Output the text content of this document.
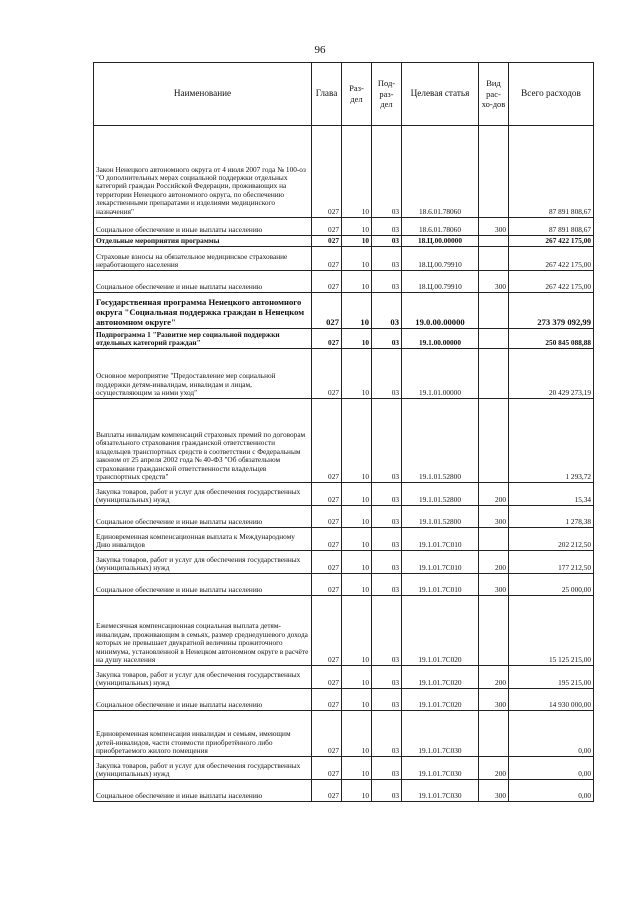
96
Наименование	Глава	Раз-дел	Под-раз-дел	Целевая статья	Вид рас-хо-дов	Всего расходов
Закон Ненецкого автономного округа от 4 июля 2007 года № 100-оз "О дополнительных мерах социальной поддержки отдельных категорий граждан Российской Федерации, проживающих на территории Ненецкого автономного округа, по обеспечению лекарственными препаратами и изделиями медицинского назначения"	027	10	03	18.6.01.78060		87 891 808,67
Социальное обеспечение и иные выплаты населению	027	10	03	18.6.01.78060	300	87 891 808,67
Отдельные мероприятия программы	027	10	03	18.Ц.00.00000		267 422 175,00
Страховые взносы на обязательное медицинское страхование неработающего населения	027	10	03	18.Ц.00.79910		267 422 175,00
Социальное обеспечение и иные выплаты населению	027	10	03	18.Ц.00.79910	300	267 422 175,00
Государственная программа Ненецкого автономного округа "Социальная поддержка граждан в Ненецком автономном округе"	027	10	03	19.0.00.00000		273 379 092,99
Подпрограмма 1 "Развитие мер социальной поддержки отдельных категорий граждан"	027	10	03	19.1.00.00000		250 845 088,88
Основное мероприятие "Предоставление мер социальной поддержки детям-инвалидам, инвалидам и лицам, осуществляющим за ними уход"	027	10	03	19.1.01.00000		20 429 273,19
Выплаты инвалидам компенсаций страховых премий по договорам обязательного страхования гражданской ответственности владельцев транспортных средств в соответствии с Федеральным законом от 25 апреля 2002 года № 40-ФЗ "Об обязательном страховании гражданской ответственности владельцев транспортных средств"	027	10	03	19.1.01.52800		1 293,72
Закупка товаров, работ и услуг для обеспечения государственных (муниципальных) нужд	027	10	03	19.1.01.52800	200	15,34
Социальное обеспечение и иные выплаты населению	027	10	03	19.1.01.52800	300	1 278,38
Единовременная компенсационная выплата к Международному Дню инвалидов	027	10	03	19.1.01.7С010		202 212,50
Закупка товаров, работ и услуг для обеспечения государственных (муниципальных) нужд	027	10	03	19.1.01.7С010	200	177 212,50
Социальное обеспечение и иные выплаты населению	027	10	03	19.1.01.7С010	300	25 000,00
Ежемесячная компенсационная социальная выплата детям-инвалидам, проживающим в семьях, размер среднедушевого дохода которых не превышает двукратной величины прожиточного минимума, установленной в Ненецком автономном округе в расчёте на душу населения	027	10	03	19.1.01.7С020		15 125 215,00
Закупка товаров, работ и услуг для обеспечения государственных (муниципальных) нужд	027	10	03	19.1.01.7С020	200	195 215,00
Социальное обеспечение и иные выплаты населению	027	10	03	19.1.01.7С020	300	14 930 000,00
Единовременная компенсация инвалидам и семьям, имеющим детей-инвалидов, части стоимости приобретённого либо приобретаемого жилого помещения	027	10	03	19.1.01.7С030		0,00
Закупка товаров, работ и услуг для обеспечения государственных (муниципальных) нужд	027	10	03	19.1.01.7С030	200	0,00
Социальное обеспечение и иные выплаты населению	027	10	03	19.1.01.7С030	300	0,00
